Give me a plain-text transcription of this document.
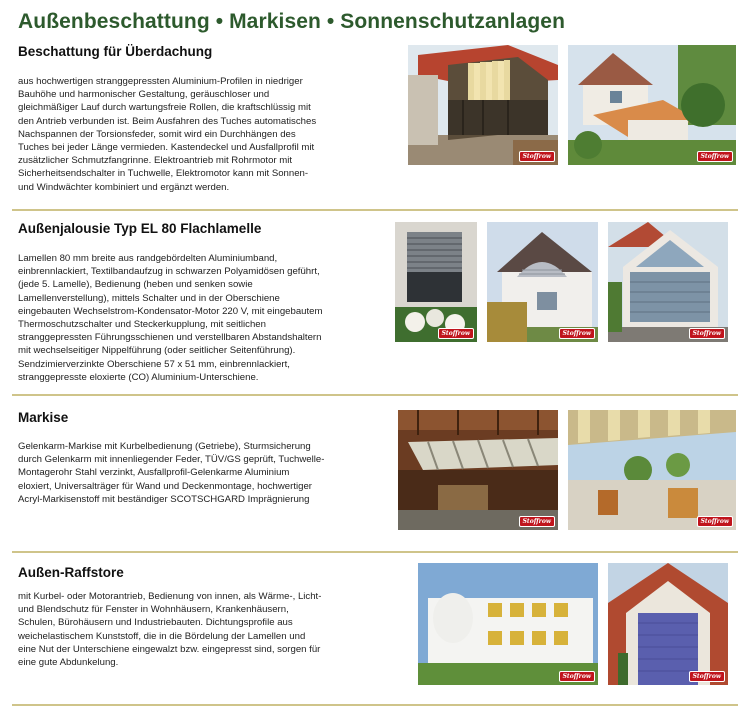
Außenbeschattung • Markisen • Sonnenschutzanlagen
Beschattung für Überdachung
aus hochwertigen stranggepressten Aluminium-Profilen in niedriger
Bauhöhe und harmonischer Gestaltung, geräuschloser und
gleichmäßiger Lauf durch wartungsfreie Rollen, die kraftschlüssig mit
den Antrieb verbunden ist. Beim Ausfahren des Tuches automatisches
Nachspannen der Torsionsfeder, somit wird ein Durchhängen des
Tuches bei jeder Länge vermieden. Kastendeckel und Ausfallprofil mit
zusätzlicher Schmutzfangrinne. Elektroantrieb mit Rohrmotor mit
Sicherheitsendschalter in Tuchwelle, Elektromotor kann mit Sonnen-
und Windwächter kombiniert und ergänzt werden.
Stoffrow	Stoffrow
Außenjalousie Typ EL 80 Flachlamelle
Lamellen 80 mm breite aus randgebördelten Aluminiumband,
einbrennlackiert, Textilbandaufzug in schwarzen Polyamidösen geführt,
(jede 5. Lamelle), Bedienung (heben und senken sowie
Lamellenverstellung), mittels Schalter und in der Oberschiene
eingebauten Wechselstrom-Kondensator-Motor 220 V, mit eingebautem
Thermoschutzschalter und Steckerkupplung, mit seitlichen
stranggepressten Führungsschienen und verstellbaren Abstandshaltern
mit wechselseitiger Nippelführung (oder seitlicher Seitenführung).
Sendzimierverzinkte Oberschiene 57 x 51 mm, einbrennlackiert,
stranggepresste eloxierte (CO) Aluminium-Unterschiene.
Stoffrow	Stoffrow	Stoffrow
Markise
Gelenkarm-Markise mit Kurbelbedienung (Getriebe), Sturmsicherung
durch Gelenkarm mit innenliegender Feder, TÜV/GS geprüft, Tuchwelle-
Montagerohr Stahl verzinkt, Ausfallprofil-Gelenkarme Aluminium
eloxiert, Universalträger für Wand und Deckenmontage, hochwertiger
Acryl-Markisenstoff mit beständiger SCOTSCHGARD Imprägnierung
Stoffrow	Stoffrow
Außen-Raffstore
mit Kurbel- oder Motorantrieb, Bedienung von innen, als Wärme-, Licht-
und Blendschutz für Fenster in Wohnhäusern, Krankenhäusern,
Schulen, Bürohäusern und Industriebauten. Dichtungsprofile aus
weichelastischem Kunststoff, die in die Bördelung der Lamellen und
eine Nut der Unterschiene eingewalzt bzw. eingepresst sind, sorgen für
eine gute Abdunkelung.
Stoffrow	Stoffrow
